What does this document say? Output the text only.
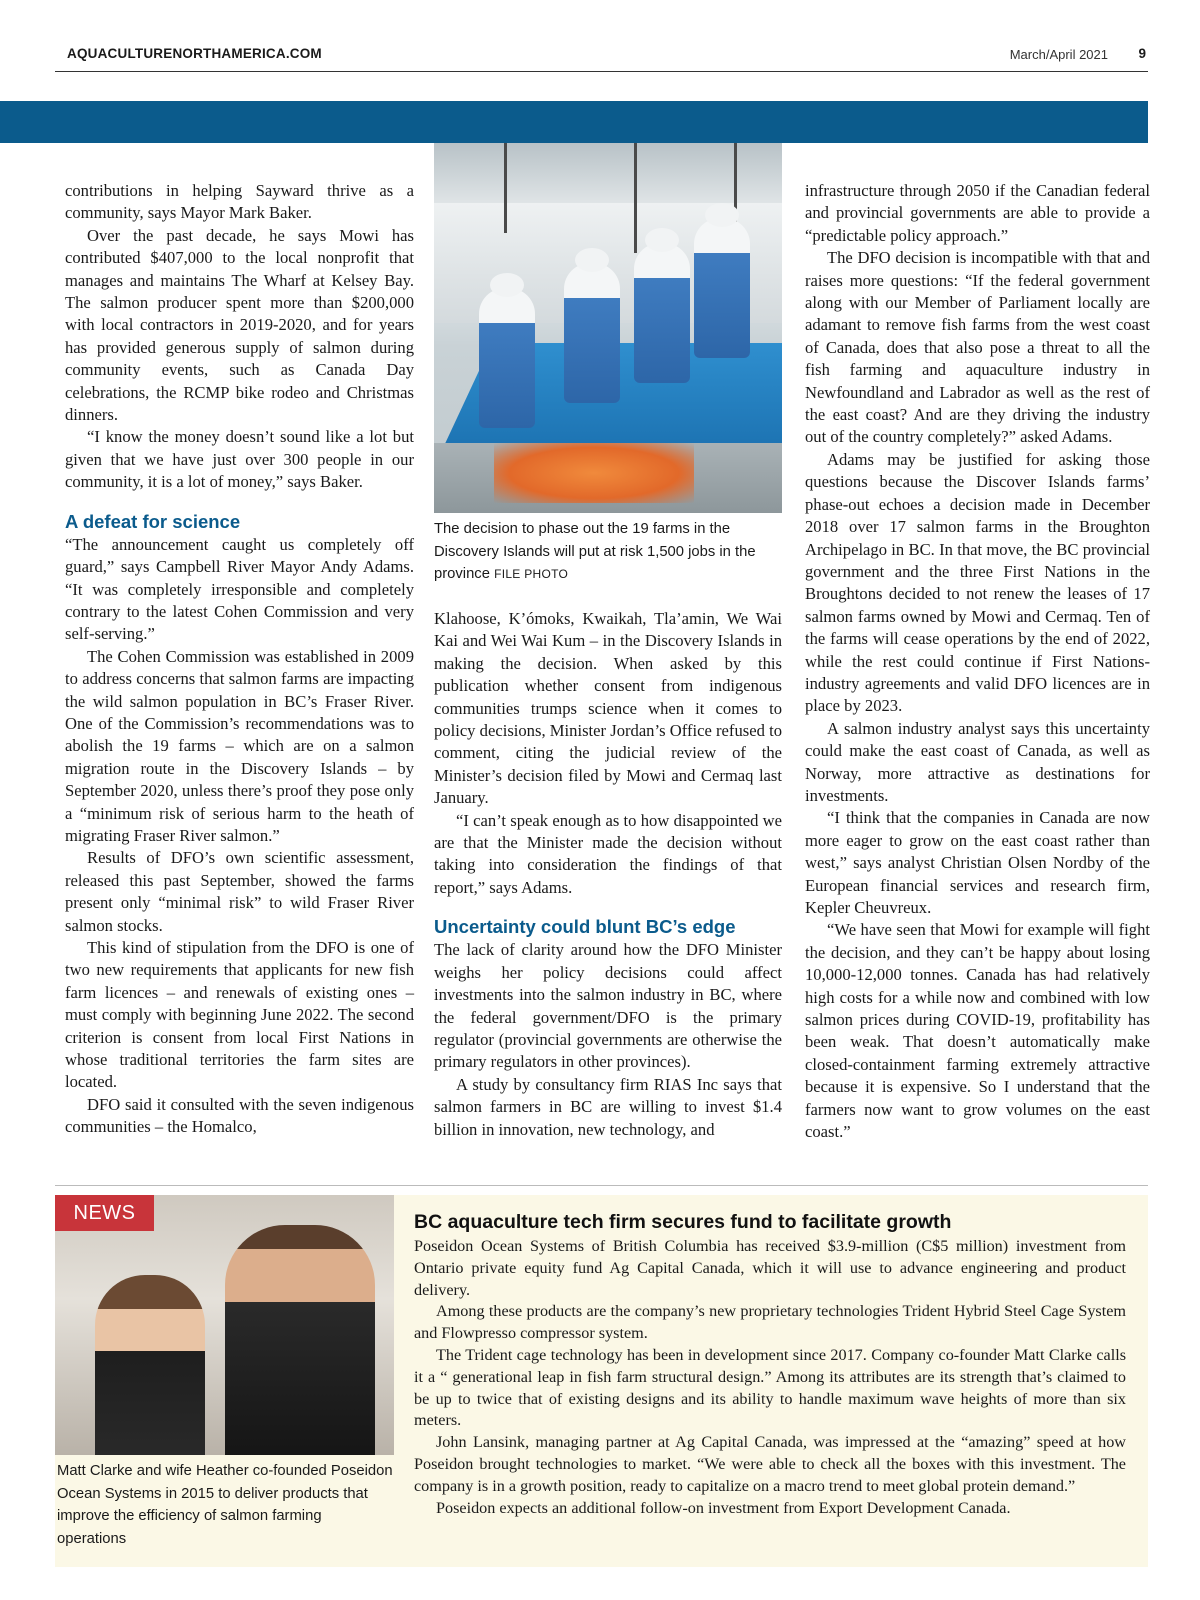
AQUACULTURENORTHAMERICA.COM	March/April 2021 9

contributions in helping Sayward thrive as a community, says Mayor Mark Baker.

Over the past decade, he says Mowi has contributed $407,000 to the local nonprofit that manages and maintains The Wharf at Kelsey Bay. The salmon producer spent more than $200,000 with local contractors in 2019-2020, and for years has provided generous supply of salmon during community events, such as Canada Day celebrations, the RCMP bike rodeo and Christmas dinners.

“I know the money doesn’t sound like a lot but given that we have just over 300 people in our community, it is a lot of money,” says Baker.

A defeat for science

“The announcement caught us completely off guard,” says Campbell River Mayor Andy Adams. “It was completely irresponsible and completely contrary to the latest Cohen Commission and very self-serving.”

The Cohen Commission was established in 2009 to address concerns that salmon farms are impacting the wild salmon population in BC’s Fraser River. One of the Commission’s recommendations was to abolish the 19 farms – which are on a salmon migration route in the Discovery Islands – by September 2020, unless there’s proof they pose only a “minimum risk of serious harm to the heath of migrating Fraser River salmon.”

Results of DFO’s own scientific assessment, released this past September, showed the farms present only “minimal risk” to wild Fraser River salmon stocks.

This kind of stipulation from the DFO is one of two new requirements that applicants for new fish farm licences – and renewals of existing ones – must comply with beginning June 2022. The second criterion is consent from local First Nations in whose traditional territories the farm sites are located.

DFO said it consulted with the seven indigenous communities – the Homalco,

The decision to phase out the 19 farms in the Discovery Islands will put at risk 1,500 jobs in the province FILE PHOTO

Klahoose, K’ómoks, Kwaikah, Tla’amin, We Wai Kai and Wei Wai Kum – in the Discovery Islands in making the decision. When asked by this publication whether consent from indigenous communities trumps science when it comes to policy decisions, Minister Jordan’s Office refused to comment, citing the judicial review of the Minister’s decision filed by Mowi and Cermaq last January.

“I can’t speak enough as to how disappointed we are that the Minister made the decision without taking into consideration the findings of that report,” says Adams.

Uncertainty could blunt BC’s edge

The lack of clarity around how the DFO Minister weighs her policy decisions could affect investments into the salmon industry in BC, where the federal government/DFO is the primary regulator (provincial governments are otherwise the primary regulators in other provinces).

A study by consultancy firm RIAS Inc says that salmon farmers in BC are willing to invest $1.4 billion in innovation, new technology, and

infrastructure through 2050 if the Canadian federal and provincial governments are able to provide a “predictable policy approach.”

The DFO decision is incompatible with that and raises more questions: “If the federal government along with our Member of Parliament locally are adamant to remove fish farms from the west coast of Canada, does that also pose a threat to all the fish farming and aquaculture industry in Newfoundland and Labrador as well as the rest of the east coast? And are they driving the industry out of the country completely?” asked Adams.

Adams may be justified for asking those questions because the Discover Islands farms’ phase-out echoes a decision made in December 2018 over 17 salmon farms in the Broughton Archipelago in BC. In that move, the BC provincial government and the three First Nations in the Broughtons decided to not renew the leases of 17 salmon farms owned by Mowi and Cermaq. Ten of the farms will cease operations by the end of 2022, while the rest could continue if First Nations-industry agreements and valid DFO licences are in place by 2023.

A salmon industry analyst says this uncertainty could make the east coast of Canada, as well as Norway, more attractive as destinations for investments.

“I think that the companies in Canada are now more eager to grow on the east coast rather than west,” says analyst Christian Olsen Nordby of the European financial services and research firm, Kepler Cheuvreux.

“We have seen that Mowi for example will fight the decision, and they can’t be happy about losing 10,000-12,000 tonnes. Canada has had relatively high costs for a while now and combined with low salmon prices during COVID-19, profitability has been weak. That doesn’t automatically make closed-containment farming extremely attractive because it is expensive. So I understand that the farmers now want to grow volumes on the east coast.”

NEWS
Matt Clarke and wife Heather co-founded Poseidon Ocean Systems in 2015 to deliver products that improve the efficiency of salmon farming operations
BC aquaculture tech firm secures fund to facilitate growth

Poseidon Ocean Systems of British Columbia has received $3.9-million (C$5 million) investment from Ontario private equity fund Ag Capital Canada, which it will use to advance engineering and product delivery.

Among these products are the company’s new proprietary technologies Trident Hybrid Steel Cage System and Flowpresso compressor system.

The Trident cage technology has been in development since 2017. Company co-founder Matt Clarke calls it a “ generational leap in fish farm structural design.” Among its attributes are its strength that’s claimed to be up to twice that of existing designs and its ability to handle maximum wave heights of more than six meters.

John Lansink, managing partner at Ag Capital Canada, was impressed at the “amazing” speed at how Poseidon brought technologies to market. “We were able to check all the boxes with this investment. The company is in a growth position, ready to capitalize on a macro trend to meet global protein demand.”

Poseidon expects an additional follow-on investment from Export Development Canada.
